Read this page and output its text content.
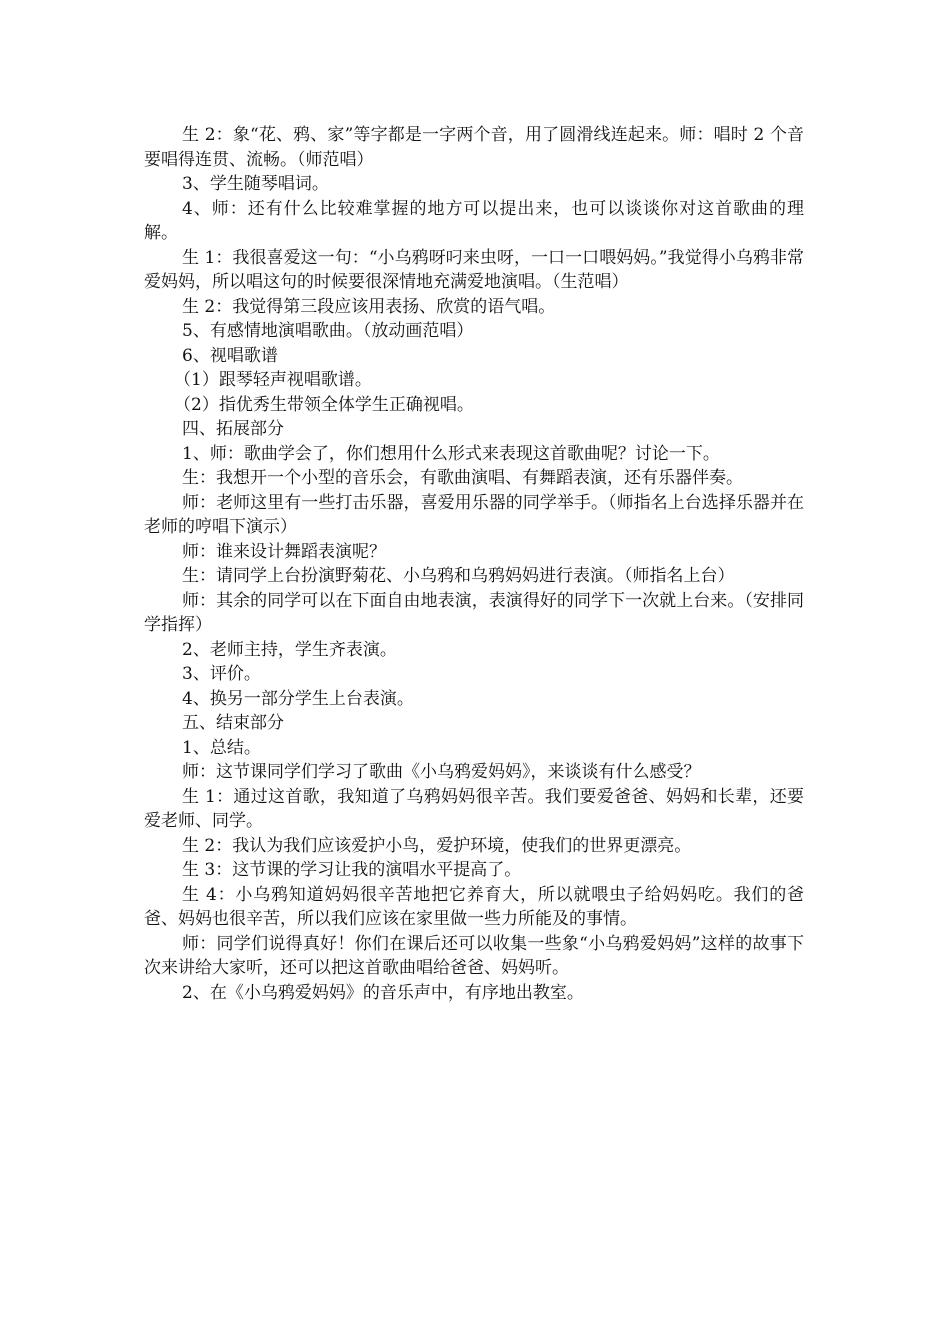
生 2：象“花、鸦、家”等字都是一字两个音，用了圆滑线连起来。师：唱时 2 个音要唱得连贯、流畅。（师范唱）

3、学生随琴唱词。

4、师：还有什么比较难掌握的地方可以提出来，也可以谈谈你对这首歌曲的理解。

生 1：我很喜爱这一句：“小乌鸦呀叼来虫呀，一口一口喂妈妈。”我觉得小乌鸦非常爱妈妈，所以唱这句的时候要很深情地充满爱地演唱。（生范唱）

生 2：我觉得第三段应该用表扬、欣赏的语气唱。

5、有感情地演唱歌曲。（放动画范唱）

6、视唱歌谱

（1）跟琴轻声视唱歌谱。

（2）指优秀生带领全体学生正确视唱。

四、拓展部分

1、师：歌曲学会了，你们想用什么形式来表现这首歌曲呢？讨论一下。

生：我想开一个小型的音乐会，有歌曲演唱、有舞蹈表演，还有乐器伴奏。

师：老师这里有一些打击乐器，喜爱用乐器的同学举手。（师指名上台选择乐器并在老师的哼唱下演示）

师：谁来设计舞蹈表演呢？

生：请同学上台扮演野菊花、小乌鸦和乌鸦妈妈进行表演。（师指名上台）

师：其余的同学可以在下面自由地表演，表演得好的同学下一次就上台来。（安排同学指挥）

2、老师主持，学生齐表演。

3、评价。

4、换另一部分学生上台表演。

五、结束部分

1、总结。

师：这节课同学们学习了歌曲《小乌鸦爱妈妈》，来谈谈有什么感受？

生 1：通过这首歌，我知道了乌鸦妈妈很辛苦。我们要爱爸爸、妈妈和长辈，还要爱老师、同学。

生 2：我认为我们应该爱护小鸟，爱护环境，使我们的世界更漂亮。

生 3：这节课的学习让我的演唱水平提高了。

生 4：小乌鸦知道妈妈很辛苦地把它养育大，所以就喂虫子给妈妈吃。我们的爸爸、妈妈也很辛苦，所以我们应该在家里做一些力所能及的事情。

师：同学们说得真好！你们在课后还可以收集一些象“小乌鸦爱妈妈”这样的故事下次来讲给大家听，还可以把这首歌曲唱给爸爸、妈妈听。

2、在《小乌鸦爱妈妈》的音乐声中，有序地出教室。
